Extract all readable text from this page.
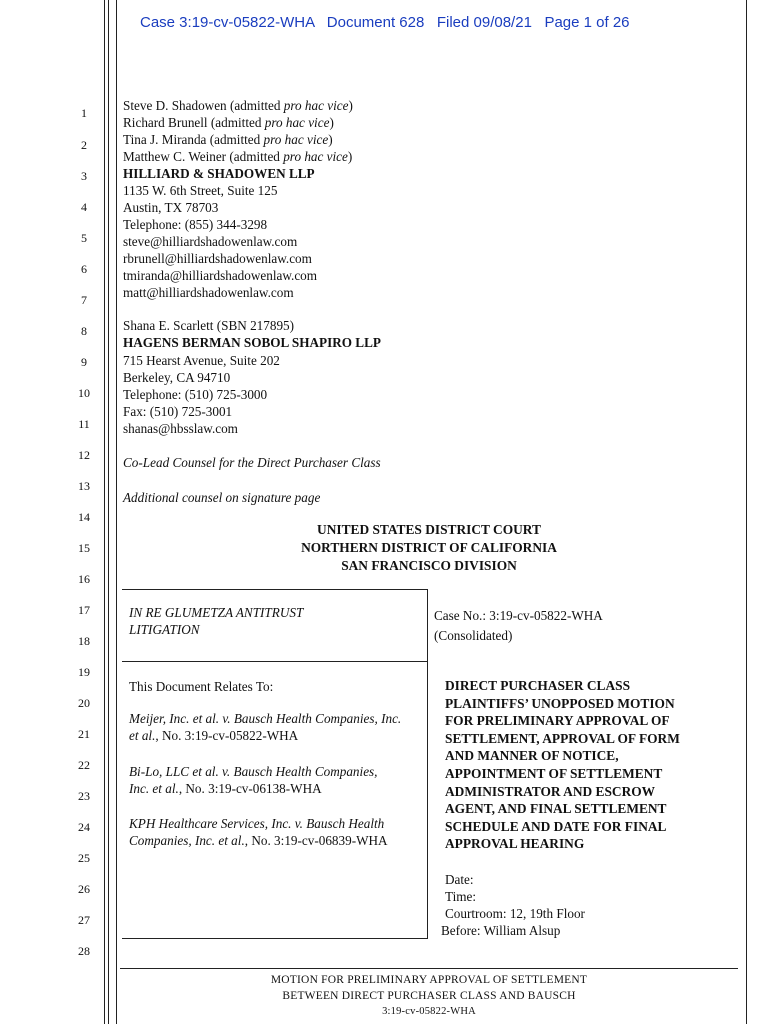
Case 3:19-cv-05822-WHA Document 628 Filed 09/08/21 Page 1 of 26
1
2
3
4
5
6
7
8
9
10
11
12
13
14
15
16
17
18
19
20
21
22
23
24
25
26
27
28
Steve D. Shadowen (admitted pro hac vice)
Richard Brunell (admitted pro hac vice)
Tina J. Miranda (admitted pro hac vice)
Matthew C. Weiner (admitted pro hac vice)
HILLIARD & SHADOWEN LLP
1135 W. 6th Street, Suite 125
Austin, TX 78703
Telephone: (855) 344-3298
steve@hilliardshadowenlaw.com
rbrunell@hilliardshadowenlaw.com
tmiranda@hilliardshadowenlaw.com
matt@hilliardshadowenlaw.com
Shana E. Scarlett (SBN 217895)
HAGENS BERMAN SOBOL SHAPIRO LLP
715 Hearst Avenue, Suite 202
Berkeley, CA 94710
Telephone: (510) 725-3000
Fax: (510) 725-3001
shanas@hbsslaw.com
Co-Lead Counsel for the Direct Purchaser Class
Additional counsel on signature page
UNITED STATES DISTRICT COURT
NORTHERN DISTRICT OF CALIFORNIA
SAN FRANCISCO DIVISION
IN RE GLUMETZA ANTITRUST
LITIGATION
This Document Relates To:
Meijer, Inc. et al. v. Bausch Health Companies, Inc.
et al., No. 3:19-cv-05822-WHA
Bi-Lo, LLC et al. v. Bausch Health Companies,
Inc. et al., No. 3:19-cv-06138-WHA
KPH Healthcare Services, Inc. v. Bausch Health
Companies, Inc. et al., No. 3:19-cv-06839-WHA
Case No.: 3:19-cv-05822-WHA
(Consolidated)
DIRECT PURCHASER CLASS
PLAINTIFFS’ UNOPPOSED MOTION
FOR PRELIMINARY APPROVAL OF
SETTLEMENT, APPROVAL OF FORM
AND MANNER OF NOTICE,
APPOINTMENT OF SETTLEMENT
ADMINISTRATOR AND ESCROW
AGENT, AND FINAL SETTLEMENT
SCHEDULE AND DATE FOR FINAL
APPROVAL HEARING
Date:
Time:
Courtroom: 12, 19th Floor
Before: William Alsup
MOTION FOR PRELIMINARY APPROVAL OF SETTLEMENT
BETWEEN DIRECT PURCHASER CLASS AND BAUSCH
3:19-cv-05822-WHA
